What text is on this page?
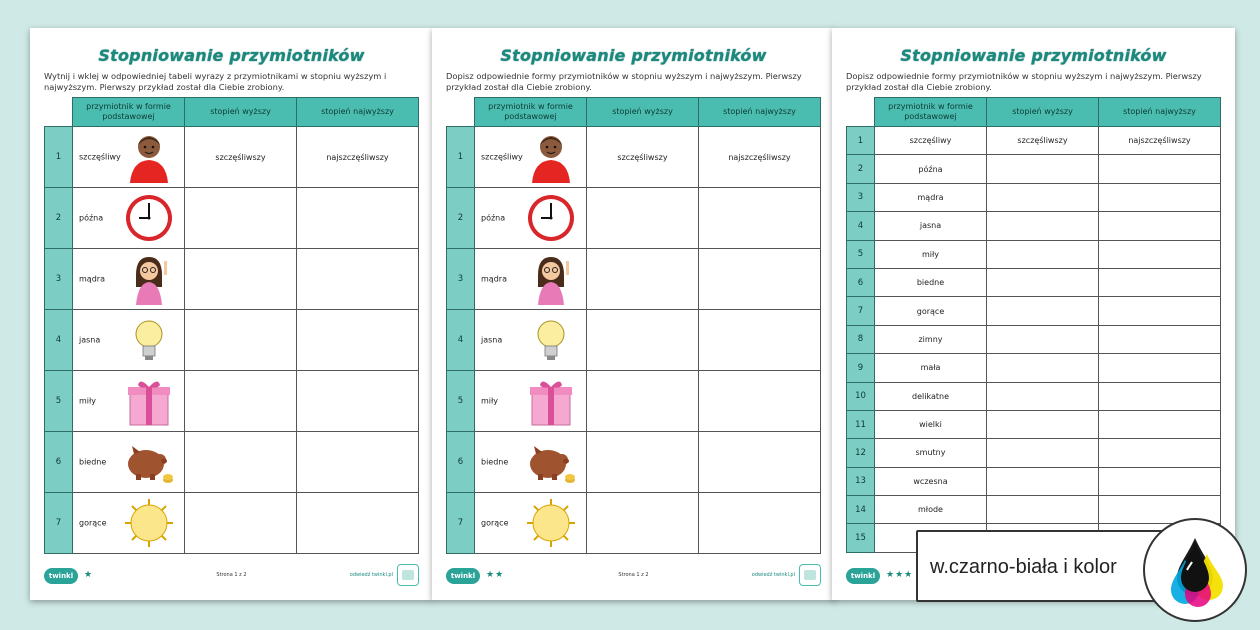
Stopniowanie przymiotników
Wytnij i wklej w odpowiedniej tabeli wyrazy z przymiotnikami w stopniu wyższym i najwyższym. Pierwszy przykład został dla Ciebie zrobiony.
	przymiotnik w formie podstawowej	stopień wyższy	stopień najwyższy
1	szczęśliwy	szczęśliwszy	najszczęśliwszy
2	późna		

3	mądra		

4	jasna		

5	miły		

6	biedne		

7	gorące		

twinkl	★	Strona 1 z 2	odwiedź twinkl.pl
Stopniowanie przymiotników
Dopisz odpowiednie formy przymiotników w stopniu wyższym i najwyższym. Pierwszy przykład został dla Ciebie zrobiony.
	przymiotnik w formie podstawowej	stopień wyższy	stopień najwyższy
1	szczęśliwy	szczęśliwszy	najszczęśliwszy
2	późna		

3	mądra		

4	jasna		

5	miły		

6	biedne		

7	gorące		

twinkl	★★	Strona 1 z 2	odwiedź twinkl.pl
Stopniowanie przymiotników
Dopisz odpowiednie formy przymiotników w stopniu wyższym i najwyższym. Pierwszy przykład został dla Ciebie zrobiony.
	przymiotnik w formie podstawowej	stopień wyższy	stopień najwyższy
1	szczęśliwy	szczęśliwszy	najszczęśliwszy
2	późna		
3	mądra		
4	jasna		
5	miły		
6	biedne		
7	gorące		
8	zimny		
9	mała		
10	delikatne		
11	wielki		
12	smutny		
13	wczesna		
14	młode		
15			
twinkl	★★★ w.czarno-biała i kolor
